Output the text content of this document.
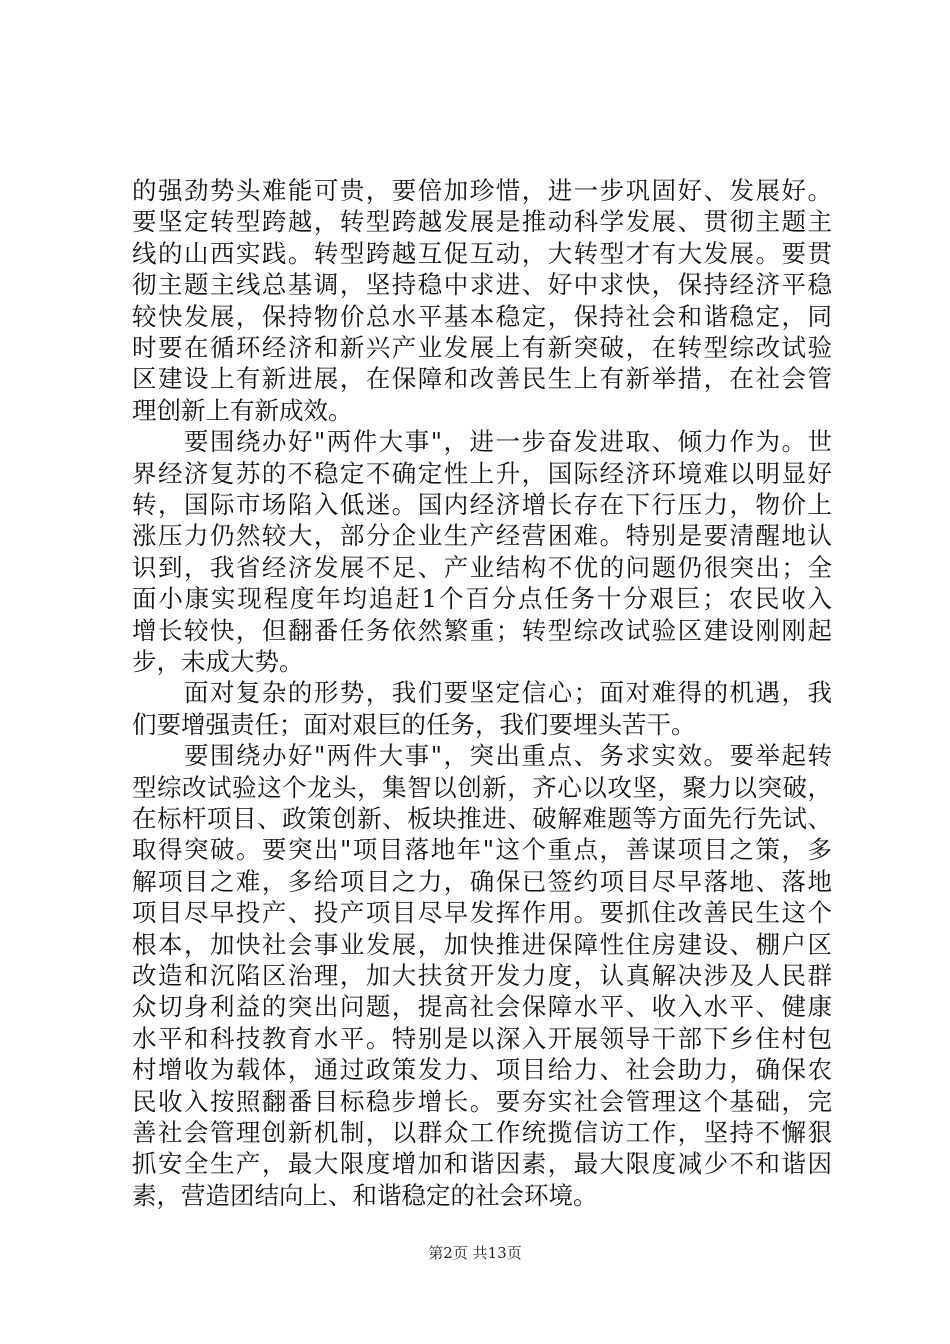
的强劲势头难能可贵，要倍加珍惜，进一步巩固好、发展好。
要坚定转型跨越，转型跨越发展是推动科学发展、贯彻主题主
线的山西实践。转型跨越互促互动，大转型才有大发展。要贯
彻主题主线总基调，坚持稳中求进、好中求快，保持经济平稳
较快发展，保持物价总水平基本稳定，保持社会和谐稳定，同
时要在循环经济和新兴产业发展上有新突破，在转型综改试验
区建设上有新进展，在保障和改善民生上有新举措，在社会管
理创新上有新成效。
　　要围绕办好"两件大事"，进一步奋发进取、倾力作为。世
界经济复苏的不稳定不确定性上升，国际经济环境难以明显好
转，国际市场陷入低迷。国内经济增长存在下行压力，物价上
涨压力仍然较大，部分企业生产经营困难。特别是要清醒地认
识到，我省经济发展不足、产业结构不优的问题仍很突出；全
面小康实现程度年均追赶1个百分点任务十分艰巨；农民收入
增长较快，但翻番任务依然繁重；转型综改试验区建设刚刚起
步，未成大势。
　　面对复杂的形势，我们要坚定信心；面对难得的机遇，我
们要增强责任；面对艰巨的任务，我们要埋头苦干。
　　要围绕办好"两件大事"，突出重点、务求实效。要举起转
型综改试验这个龙头，集智以创新，齐心以攻坚，聚力以突破，
在标杆项目、政策创新、板块推进、破解难题等方面先行先试、
取得突破。要突出"项目落地年"这个重点，善谋项目之策，多
解项目之难，多给项目之力，确保已签约项目尽早落地、落地
项目尽早投产、投产项目尽早发挥作用。要抓住改善民生这个
根本，加快社会事业发展，加快推进保障性住房建设、棚户区
改造和沉陷区治理，加大扶贫开发力度，认真解决涉及人民群
众切身利益的突出问题，提高社会保障水平、收入水平、健康
水平和科技教育水平。特别是以深入开展领导干部下乡住村包
村增收为载体，通过政策发力、项目给力、社会助力，确保农
民收入按照翻番目标稳步增长。要夯实社会管理这个基础，完
善社会管理创新机制，以群众工作统揽信访工作，坚持不懈狠
抓安全生产，最大限度增加和谐因素，最大限度减少不和谐因
第2页 共13页
素，营造团结向上、和谐稳定的社会环境。
